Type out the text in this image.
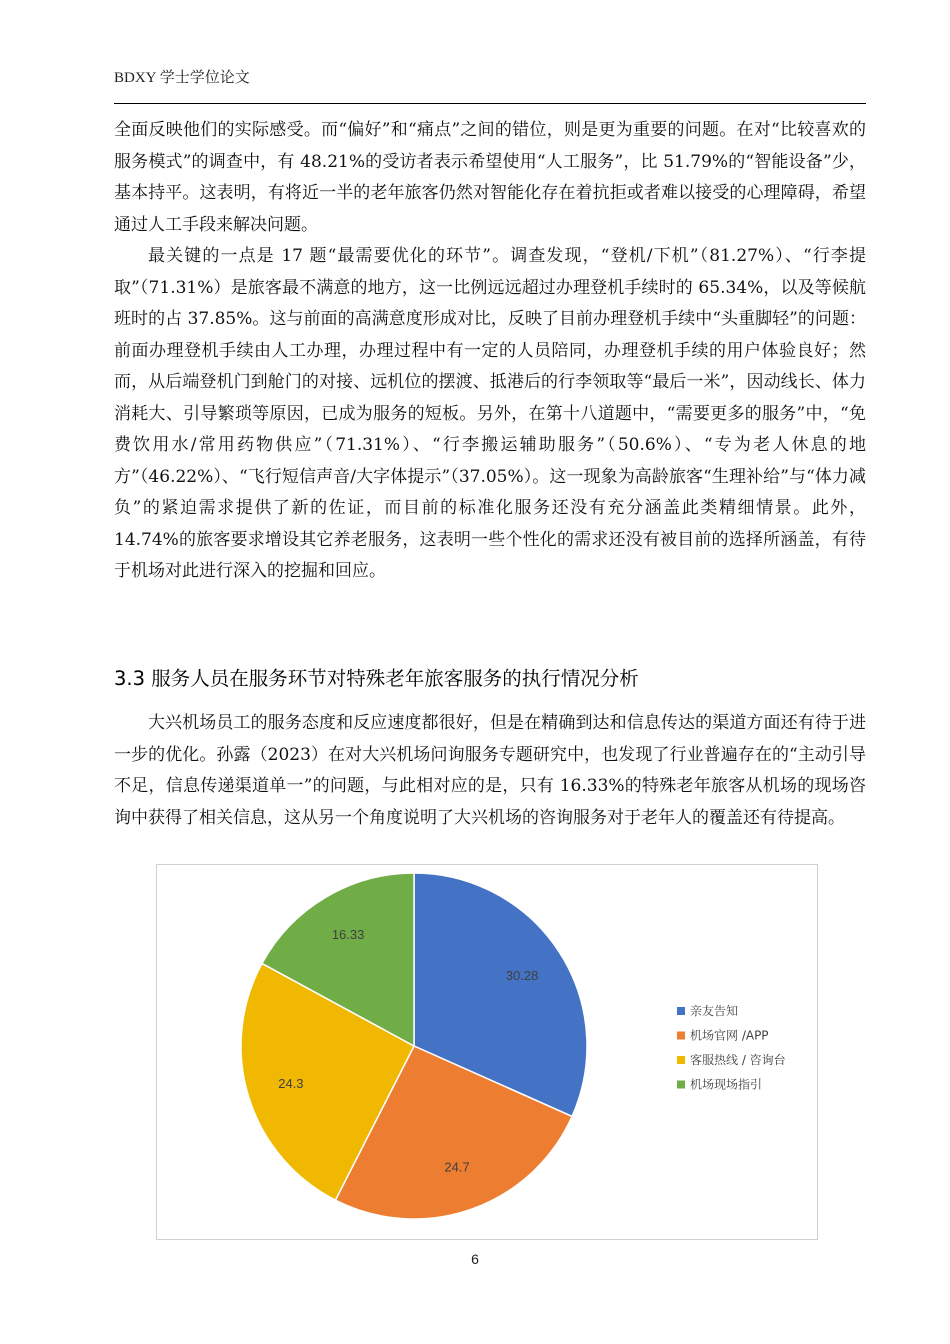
BDXY 学士学位论文

全面反映他们的实际感受。而“偏好”和“痛点”之间的错位，则是更为重要的问题。在对“比较喜欢的服务模式”的调查中，有 48.21%的受访者表示希望使用“人工服务”，比 51.79%的“智能设备”少，基本持平。这表明，有将近一半的老年旅客仍然对智能化存在着抗拒或者难以接受的心理障碍，希望通过人工手段来解决问题。

最关键的一点是 17 题“最需要优化的环节”。调查发现，“登机/下机”（81.27%）、“行李提取”（71.31%）是旅客最不满意的地方，这一比例远远超过办理登机手续时的 65.34%，以及等候航班时的占 37.85%。这与前面的高满意度形成对比，反映了目前办理登机手续中“头重脚轻”的问题：前面办理登机手续由人工办理，办理过程中有一定的人员陪同，办理登机手续的用户体验良好；然而，从后端登机门到舱门的对接、远机位的摆渡、抵港后的行李领取等“最后一米”，因动线长、体力消耗大、引导繁琐等原因，已成为服务的短板。另外，在第十八道题中，“需要更多的服务”中，“免费饮用水/常用药物供应”（71.31%）、“行李搬运辅助服务”（50.6%）、“专为老人休息的地方”（46.22%）、“飞行短信声音/大字体提示”（37.05%）。这一现象为高龄旅客“生理补给”与“体力减负”的紧迫需求提供了新的佐证，而目前的标准化服务还没有充分涵盖此类精细情景。此外，14.74%的旅客要求增设其它养老服务，这表明一些个性化的需求还没有被目前的选择所涵盖，有待于机场对此进行深入的挖掘和回应。

3.3 服务人员在服务环节对特殊老年旅客服务的执行情况分析

大兴机场员工的服务态度和反应速度都很好，但是在精确到达和信息传达的渠道方面还有待于进一步的优化。孙露（2023）在对大兴机场问询服务专题研究中，也发现了行业普遍存在的“主动引导不足，信息传递渠道单一”的问题，与此相对应的是，只有 16.33%的特殊老年旅客从机场的现场咨询中获得了相关信息，这从另一个角度说明了大兴机场的咨询服务对于老年人的覆盖还有待提高。

30.28
24.7
24.3
16.33
亲友告知
机场官网 /APP
客服热线 / 咨询台
机场现场指引
6
